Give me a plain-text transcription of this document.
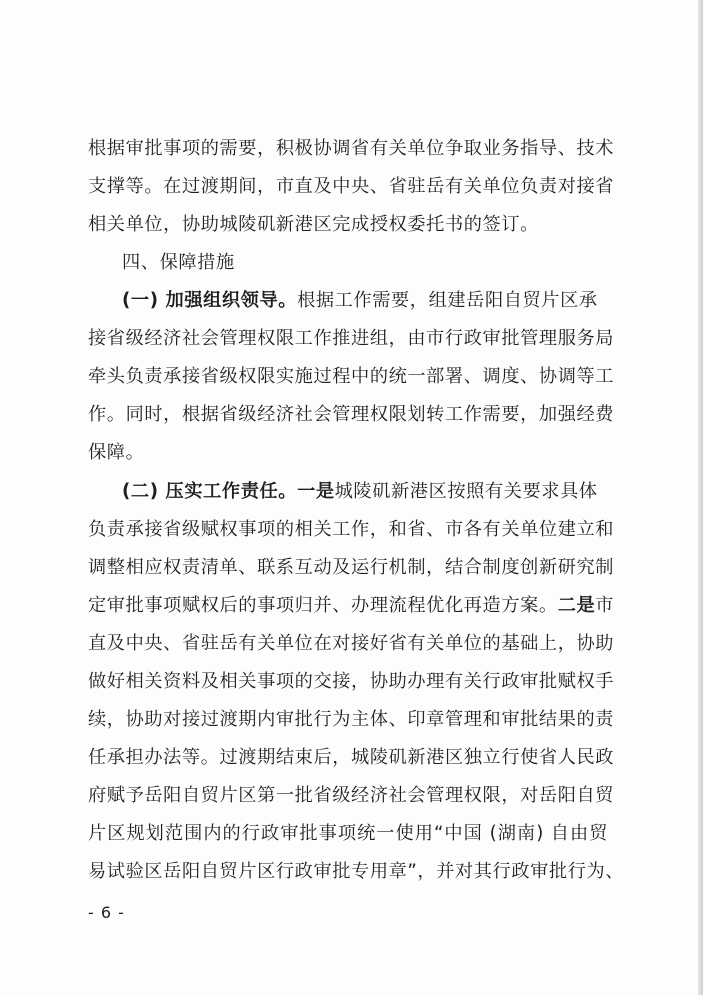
根据审批事项的需要，积极协调省有关单位争取业务指导、技术
支撑等。在过渡期间，市直及中央、省驻岳有关单位负责对接省
相关单位，协助城陵矶新港区完成授权委托书的签订。
四、保障措施
(一) 加强组织领导。根据工作需要，组建岳阳自贸片区承
接省级经济社会管理权限工作推进组，由市行政审批管理服务局
牵头负责承接省级权限实施过程中的统一部署、调度、协调等工
作。同时，根据省级经济社会管理权限划转工作需要，加强经费
保障。
(二) 压实工作责任。一是城陵矶新港区按照有关要求具体
负责承接省级赋权事项的相关工作，和省、市各有关单位建立和
调整相应权责清单、联系互动及运行机制，结合制度创新研究制
定审批事项赋权后的事项归并、办理流程优化再造方案。二是市
直及中央、省驻岳有关单位在对接好省有关单位的基础上，协助
做好相关资料及相关事项的交接，协助办理有关行政审批赋权手
续，协助对接过渡期内审批行为主体、印章管理和审批结果的责
任承担办法等。过渡期结束后，城陵矶新港区独立行使省人民政
府赋予岳阳自贸片区第一批省级经济社会管理权限，对岳阳自贸
片区规划范围内的行政审批事项统一使用“中国 (湖南) 自由贸
易试验区岳阳自贸片区行政审批专用章”，并对其行政审批行为、
- 6 -
